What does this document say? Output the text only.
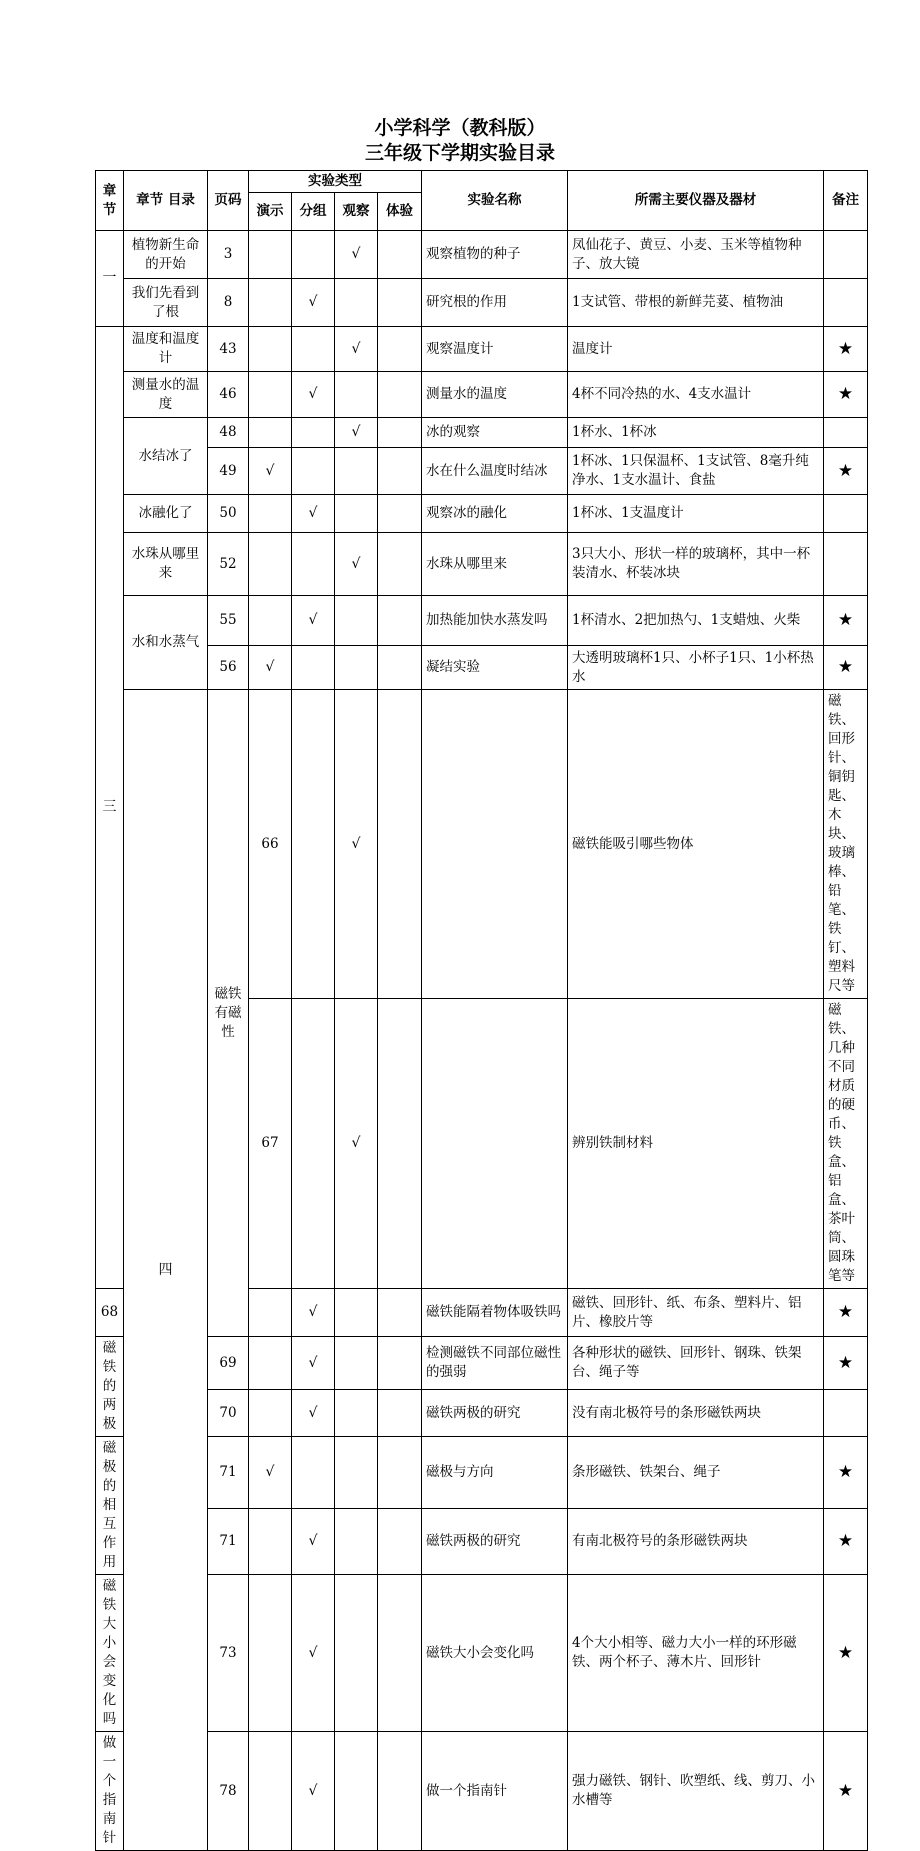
小学科学（教科版）
三年级下学期实验目录
章节	章节 目录	页码	实验类型				实验名称	所需主要仪器及器材	备注	
			演示	分组	观察	体验				
一	植物新生命的开始	3			√		观察植物的种子	凤仙花子、黄豆、小麦、玉米等植物种子、放大镜		
	我们先看到了根	8		√			研究根的作用	1支试管、带根的新鲜芫荽、植物油		
三	温度和温度计	43			√		观察温度计	温度计	★	
	测量水的温度	46		√			测量水的温度	4杯不同冷热的水、4支水温计	★	
	水结冰了	48			√		冰的观察	1杯水、1杯冰		
		49	√				水在什么温度时结冰	1杯冰、1只保温杯、1支试管、8毫升纯净水、1支水温计、食盐	★	
	冰融化了	50		√			观察冰的融化	1杯冰、1支温度计		
	水珠从哪里来	52			√		水珠从哪里来	3只大小、形状一样的玻璃杯，其中一杯装清水、杯装冰块		
	水和水蒸气	55		√			加热能加快水蒸发吗	1杯清水、2把加热勺、1支蜡烛、火柴	★	
		56	√				凝结实验	大透明玻璃杯1只、小杯子1只、1小杯热水	★	
	四	磁铁有磁性	66		√			磁铁能吸引哪些物体	磁铁、回形针、铜钥匙、木块、玻璃棒、铅笔、铁钉、塑料尺等	
			67		√			辨别铁制材料	磁铁、几种不同材质的硬币、铁盒、铝盒、茶叶筒、圆珠笔等	
68				√			磁铁能隔着物体吸铁吗	磁铁、回形针、纸、布条、塑料片、铝片、橡胶片等	★	
磁铁的两极		69		√			检测磁铁不同部位磁性的强弱	各种形状的磁铁、回形针、钢珠、铁架台、绳子等	★	
		70		√			磁铁两极的研究	没有南北极符号的条形磁铁两块		
磁极的相互作用		71	√				磁极与方向	条形磁铁、铁架台、绳子	★	
		71		√			磁铁两极的研究	有南北极符号的条形磁铁两块	★	
磁铁大小会变化吗		73		√			磁铁大小会变化吗	4个大小相等、磁力大小一样的环形磁铁、两个杯子、薄木片、回形针	★	
做一个指南针		78		√			做一个指南针	强力磁铁、钢针、吹塑纸、线、剪刀、小水槽等	★	
